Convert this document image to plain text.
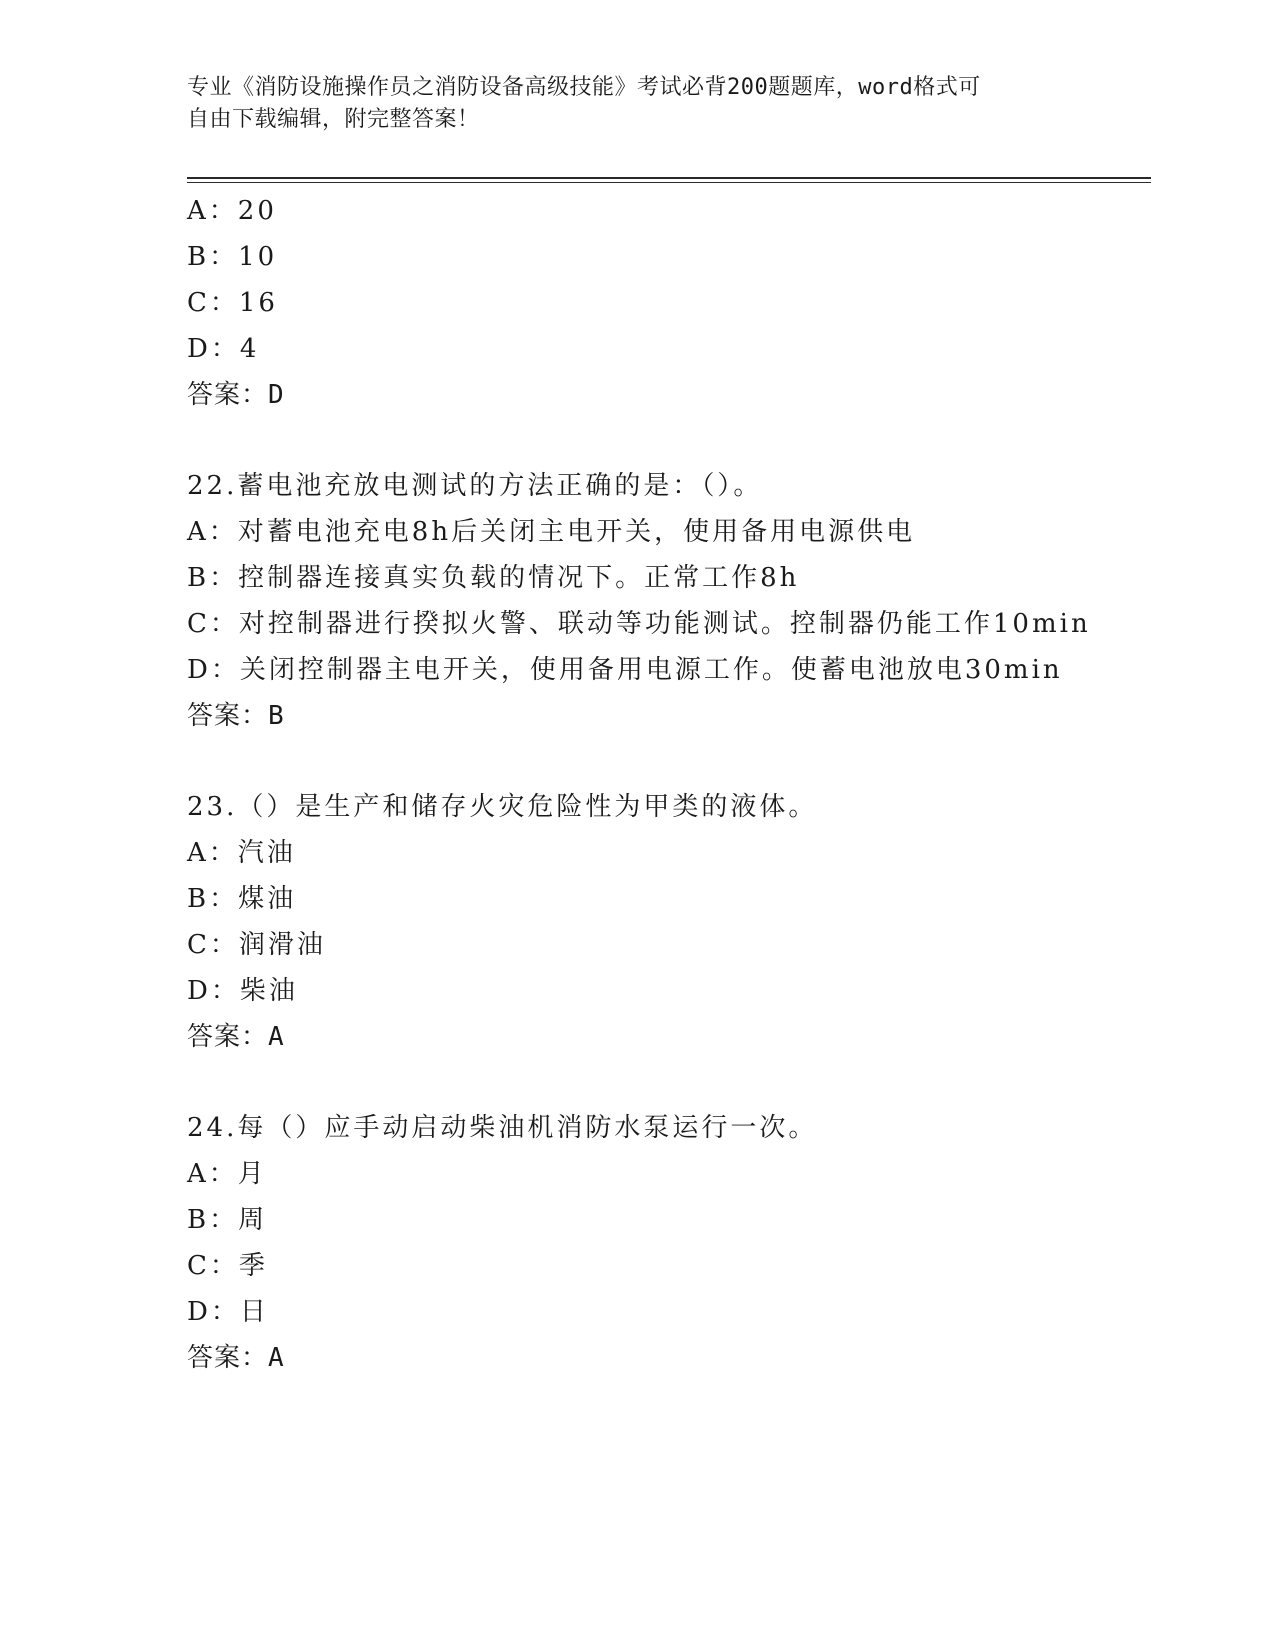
专业《消防设施操作员之消防设备高级技能》考试必背200题题库，word格式可
自由下载编辑，附完整答案！
A：20
B：10
C：16
D：4
答案：D
22.蓄电池充放电测试的方法正确的是：（）。
A：对蓄电池充电8h后关闭主电开关，使用备用电源供电
B：控制器连接真实负载的情况下。正常工作8h
C：对控制器进行揆拟火警、联动等功能测试。控制器仍能工作10min
D：关闭控制器主电开关，使用备用电源工作。使蓄电池放电30min
答案：B
23.（）是生产和储存火灾危险性为甲类的液体。
A：汽油
B：煤油
C：润滑油
D：柴油
答案：A
24.每（）应手动启动柴油机消防水泵运行一次。
A：月
B：周
C：季
D：日
答案：A
